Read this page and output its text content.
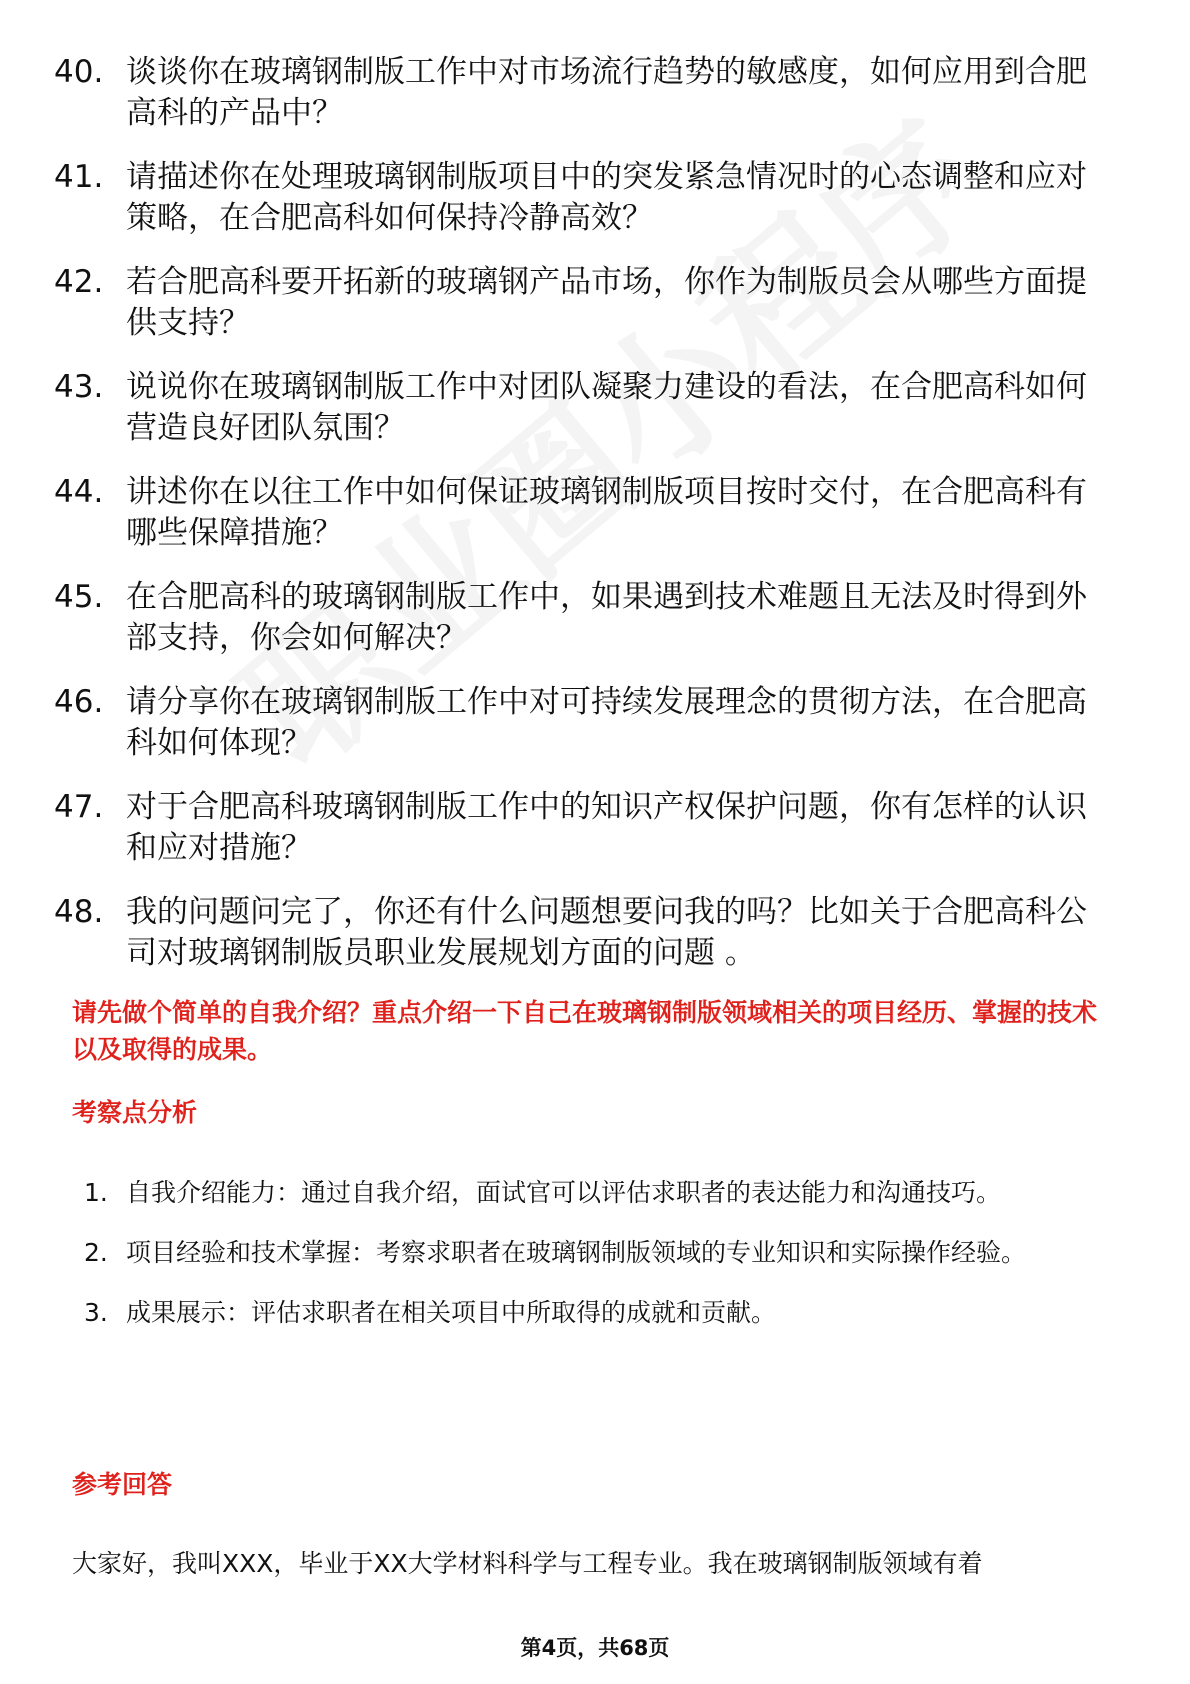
40. 谈谈你在玻璃钢制版工作中对市场流行趋势的敏感度，如何应用到合肥高科的产品中？
41. 请描述你在处理玻璃钢制版项目中的突发紧急情况时的心态调整和应对策略，在合肥高科如何保持冷静高效？
42. 若合肥高科要开拓新的玻璃钢产品市场，你作为制版员会从哪些方面提供支持？
43. 说说你在玻璃钢制版工作中对团队凝聚力建设的看法，在合肥高科如何营造良好团队氛围？
44. 讲述你在以往工作中如何保证玻璃钢制版项目按时交付，在合肥高科有哪些保障措施？
45. 在合肥高科的玻璃钢制版工作中，如果遇到技术难题且无法及时得到外部支持，你会如何解决？
46. 请分享你在玻璃钢制版工作中对可持续发展理念的贯彻方法，在合肥高科如何体现？
47. 对于合肥高科玻璃钢制版工作中的知识产权保护问题，你有怎样的认识和应对措施？
48. 我的问题问完了，你还有什么问题想要问我的吗？比如关于合肥高科公司对玻璃钢制版员职业发展规划方面的问题 。
请先做个简单的自我介绍？重点介绍一下自己在玻璃钢制版领域相关的项目经历、掌握的技术以及取得的成果。
考察点分析
1. 自我介绍能力：通过自我介绍，面试官可以评估求职者的表达能力和沟通技巧。
2. 项目经验和技术掌握：考察求职者在玻璃钢制版领域的专业知识和实际操作经验。
3. 成果展示：评估求职者在相关项目中所取得的成就和贡献。
参考回答
大家好，我叫XXX，毕业于XX大学材料科学与工程专业。我在玻璃钢制版领域有着
第4页，共68页
